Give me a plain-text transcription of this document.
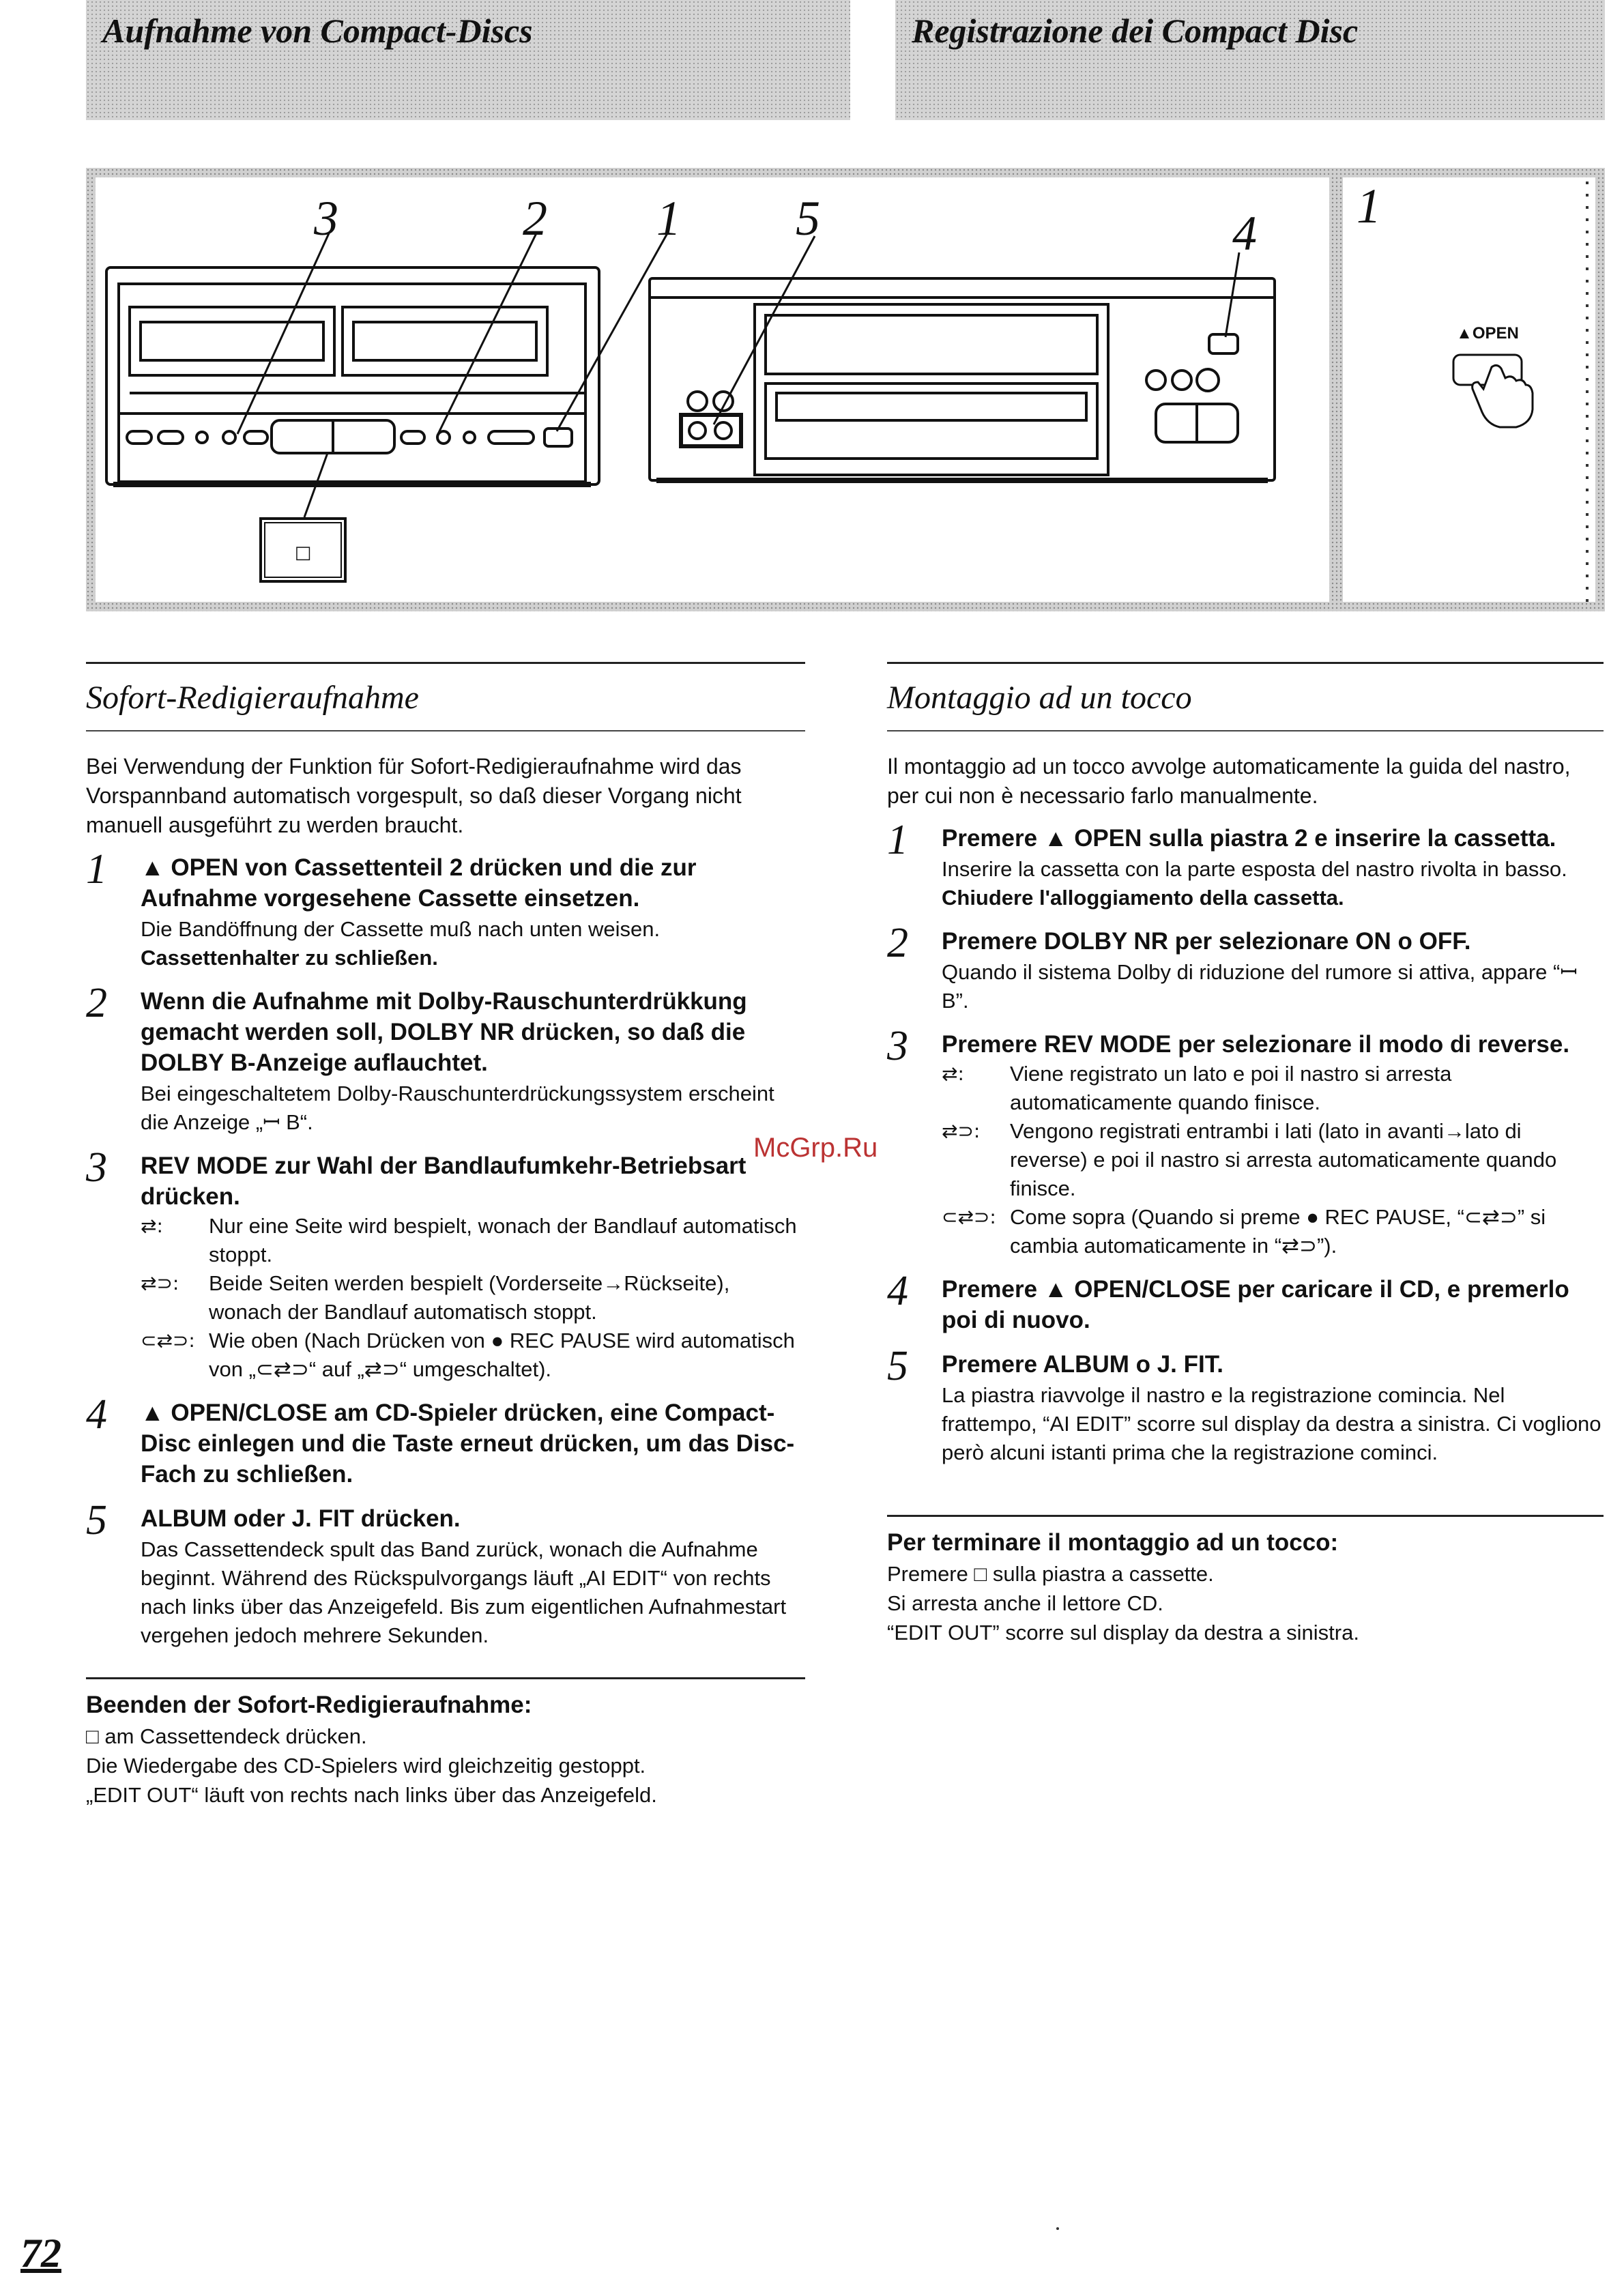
Aufnahme von Compact-Discs	Registrazione dei Compact Disc
□
3	2 1 5	4 1
▲OPEN
Sofort-Redigieraufnahme

Bei Verwendung der Funktion für Sofort-Redigieraufnahme wird das Vorspannband automatisch vorgespult, so daß dieser Vorgang nicht manuell ausgeführt zu werden braucht.

1 ▲ OPEN von Cassettenteil 2 drücken und die zur Aufnahme vorgesehene Cassette einsetzen.

Die Bandöffnung der Cassette muß nach unten weisen.

Cassettenhalter zu schließen.

2 Wenn die Aufnahme mit Dolby-Rauschunterdrükkung gemacht werden soll, DOLBY NR drücken, so daß die DOLBY B-Anzeige auflauchtet.

Bei eingeschaltetem Dolby-Rauschunterdrückungssystem erscheint die Anzeige „ꟷ B“.

3 REV MODE zur Wahl der Bandlaufumkehr-Betriebsart drücken.

⇄: Nur eine Seite wird bespielt, wonach der Bandlauf automatisch stoppt.
⇄⊃: Beide Seiten werden bespielt (Vorderseite→Rückseite), wonach der Bandlauf automatisch stoppt.
⊂⇄⊃: Wie oben (Nach Drücken von ● REC PAUSE wird automatisch von „⊂⇄⊃“ auf „⇄⊃“ umgeschaltet).
4 ▲ OPEN/CLOSE am CD-Spieler drücken, eine Compact-Disc einlegen und die Taste erneut drücken, um das Disc-Fach zu schließen.

5 ALBUM oder J. FIT drücken.

Das Cassettendeck spult das Band zurück, wonach die Aufnahme beginnt. Während des Rückspulvorgangs läuft „AI EDIT“ von rechts nach links über das Anzeigefeld. Bis zum eigentlichen Aufnahmestart vergehen jedoch mehrere Sekunden.

Beenden der Sofort-Redigieraufnahme:

□ am Cassettendeck drücken.

Die Wiedergabe des CD-Spielers wird gleichzeitig gestoppt.

„EDIT OUT“ läuft von rechts nach links über das Anzeigefeld.

Montaggio ad un tocco

Il montaggio ad un tocco avvolge automaticamente la guida del nastro, per cui non è necessario farlo manualmente.

1 Premere ▲ OPEN sulla piastra 2 e inserire la cassetta.

Inserire la cassetta con la parte esposta del nastro rivolta in basso.

Chiudere l'alloggiamento della cassetta.

2 Premere DOLBY NR per selezionare ON o OFF.

Quando il sistema Dolby di riduzione del rumore si attiva, appare “ꟷ B”.

3 Premere REV MODE per selezionare il modo di reverse.

⇄: Viene registrato un lato e poi il nastro si arresta automaticamente quando finisce.
⇄⊃: Vengono registrati entrambi i lati (lato in avanti→lato di reverse) e poi il nastro si arresta automaticamente quando finisce.
⊂⇄⊃: Come sopra (Quando si preme ● REC PAUSE, “⊂⇄⊃” si cambia automaticamente in “⇄⊃”).
4 Premere ▲ OPEN/CLOSE per caricare il CD, e premerlo poi di nuovo.

5 Premere ALBUM o J. FIT.

La piastra riavvolge il nastro e la registrazione comincia. Nel frattempo, “AI EDIT” scorre sul display da destra a sinistra. Ci vogliono però alcuni istanti prima che la registrazione cominci.

Per terminare il montaggio ad un tocco:

Premere □ sulla piastra a cassette.

Si arresta anche il lettore CD.

“EDIT OUT” scorre sul display da destra a sinistra.

McGrp.Ru
72
